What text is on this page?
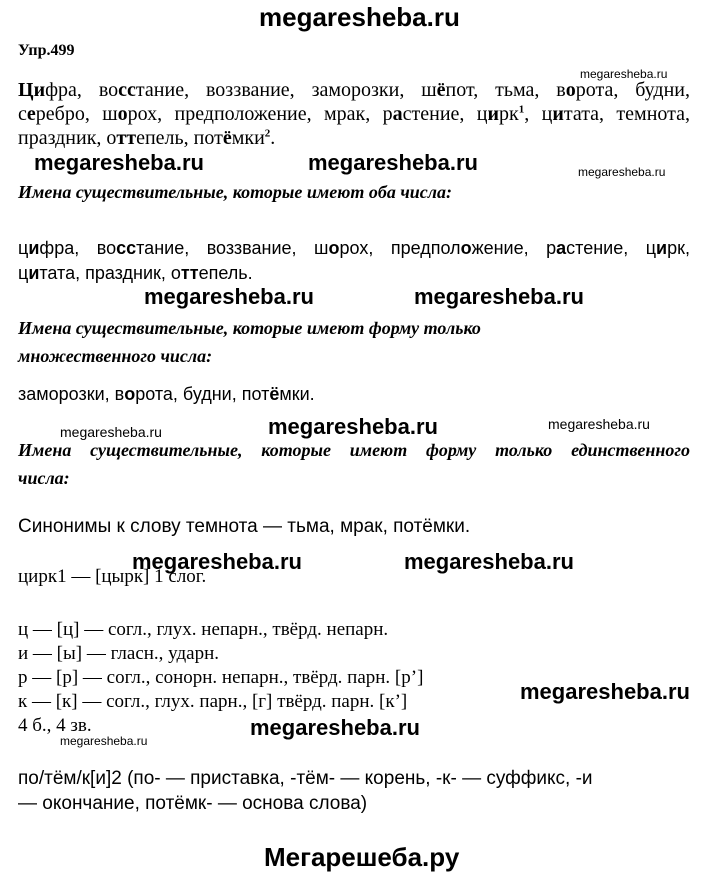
megaresheba.ru
Упр.499
Цифра, восстание, воззвание, заморозки, шёпот, тьма, ворота, будни,
серебро, шорох, предположение, мрак, растение, цирк$^1$, цитата, темнота,
праздник, оттепель, потёмки$^2$.
Имена существительные, которые имеют оба числа:
цифра, восстание, воззвание, шорох, предположение, растение, цирк,
цитата, праздник, оттепель.
Имена существительные, которые имеют форму только
множественного числа:
заморозки, ворота, будни, потёмки.
Имена существительные, которые имеют форму только единственного
числа:
Синонимы к слову темнота — тьма, мрак, потёмки.
цирк1 — [цырк] 1 слог.
ц — [ц] — согл., глух. непарн., твёрд. непарн.
и — [ы] — гласн., ударн.
р — [р] — согл., сонорн. непарн., твёрд. парн. [р’]
к — [к] — согл., глух. парн., [г] твёрд. парн. [к’]
4 б., 4 зв.
по/тём/к[и]2 (по- — приставка, -тём- — корень, -к- — суффикс, -и
— окончание, потёмк- — основа слова)
megaresheba.ru
megaresheba.ru	megaresheba.ru	megaresheba.ru
megaresheba.ru	megaresheba.ru
megaresheba.ru	megaresheba.ru	megaresheba.ru
megaresheba.ru	megaresheba.ru
megaresheba.ru
megaresheba.ru
megaresheba.ru
Мегарешеба.ру
